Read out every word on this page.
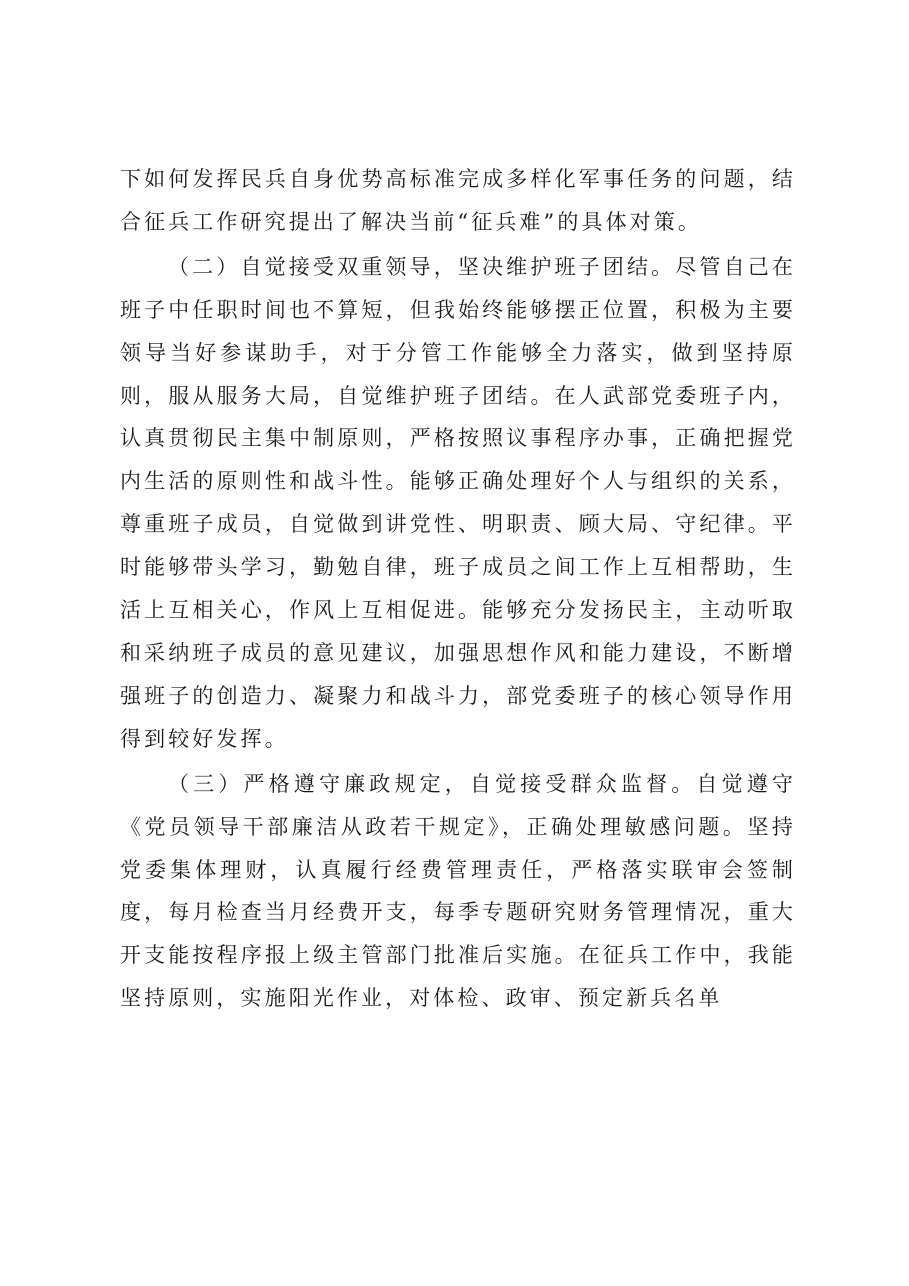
下如何发挥民兵自身优势高标准完成多样化军事任务的问题，结合征兵工作研究提出了解决当前“征兵难”的具体对策。

（二）自觉接受双重领导，坚决维护班子团结。尽管自己在班子中任职时间也不算短，但我始终能够摆正位置，积极为主要领导当好参谋助手，对于分管工作能够全力落实，做到坚持原则，服从服务大局，自觉维护班子团结。在人武部党委班子内，认真贯彻民主集中制原则，严格按照议事程序办事，正确把握党内生活的原则性和战斗性。能够正确处理好个人与组织的关系，尊重班子成员，自觉做到讲党性、明职责、顾大局、守纪律。平时能够带头学习，勤勉自律，班子成员之间工作上互相帮助，生活上互相关心，作风上互相促进。能够充分发扬民主，主动听取和采纳班子成员的意见建议，加强思想作风和能力建设，不断增强班子的创造力、凝聚力和战斗力，部党委班子的核心领导作用得到较好发挥。

（三）严格遵守廉政规定，自觉接受群众监督。自觉遵守《党员领导干部廉洁从政若干规定》，正确处理敏感问题。坚持党委集体理财，认真履行经费管理责任，严格落实联审会签制度，每月检查当月经费开支，每季专题研究财务管理情况，重大开支能按程序报上级主管部门批准后实施。在征兵工作中，我能坚持原则，实施阳光作业，对体检、政审、预定新兵名单
